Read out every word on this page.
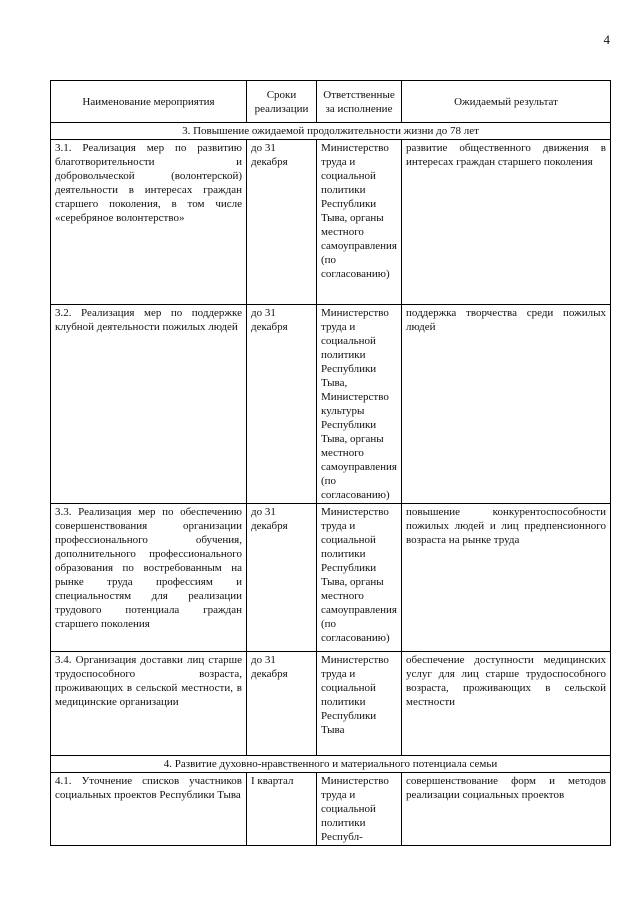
4
Наименование мероприятия	Сроки реализации	Ответственные за исполнение	Ожидаемый результат
3. Повышение ожидаемой продолжительности жизни до 78 лет			
3.1. Реализация мер по развитию благотворительности и добровольческой (волонтерской) деятельности в интересах граждан старшего поколения, в том числе «серебряное волонтерство»	до 31 декабря	Министерство труда и социальной политики Республики Тыва, органы местного самоуправления (по согласованию)	развитие общественного движения в интересах граждан старшего поколения
3.2. Реализация мер по поддержке клубной деятельности пожилых людей	до 31 декабря	Министерство труда и социальной политики Республики Тыва, Министерство культуры Республики Тыва, органы местного самоуправления (по согласованию)	поддержка творчества среди пожилых людей
3.3. Реализация мер по обеспечению совершенствования организации профессионального обучения, дополнительного профессионального образования по востребованным на рынке труда профессиям и специальностям для реализации трудового потенциала граждан старшего поколения	до 31 декабря	Министерство труда и социальной политики Республики Тыва, органы местного самоуправления (по согласованию)	повышение конкурентоспособности пожилых людей и лиц предпенсионного возраста на рынке труда
3.4. Организация доставки лиц старше трудоспособного возраста, проживающих в сельской местности, в медицинские организации	до 31 декабря	Министерство труда и социальной политики Республики Тыва	обеспечение доступности медицинских услуг для лиц старше трудоспособного возраста, проживающих в сельской местности
4. Развитие духовно-нравственного и материального потенциала семьи			
4.1. Уточнение списков участников социальных проектов Республики Тыва	I квартал	Министерство труда и социальной политики Республ-	совершенствование форм и методов реализации социальных проектов
